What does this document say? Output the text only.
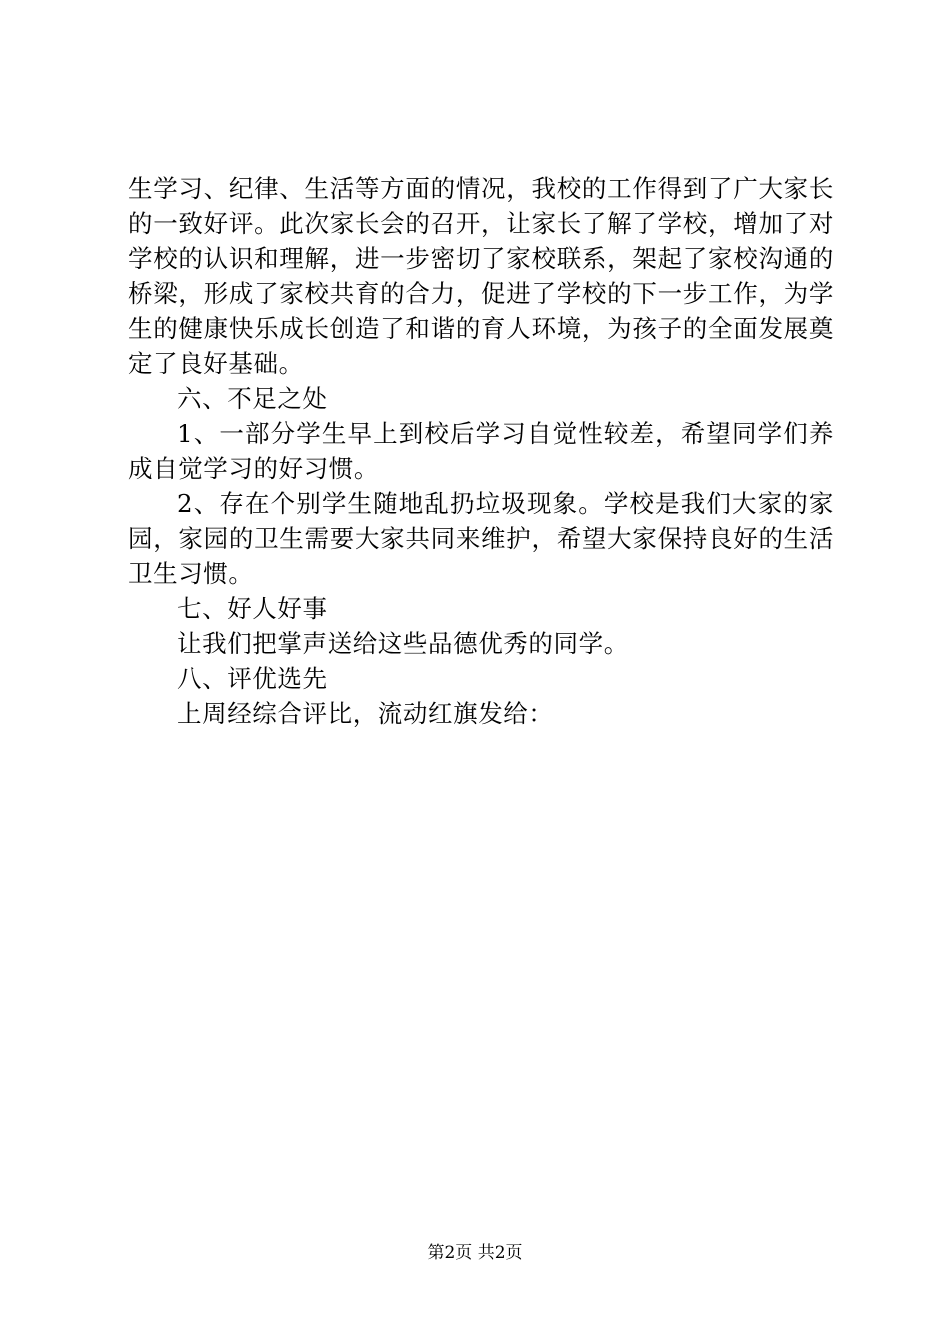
生学习、纪律、生活等方面的情况，我校的工作得到了广大家长的一致好评。此次家长会的召开，让家长了解了学校，增加了对学校的认识和理解，进一步密切了家校联系，架起了家校沟通的桥梁，形成了家校共育的合力，促进了学校的下一步工作，为学生的健康快乐成长创造了和谐的育人环境，为孩子的全面发展奠定了良好基础。

六、不足之处

1、一部分学生早上到校后学习自觉性较差，希望同学们养成自觉学习的好习惯。

2、存在个别学生随地乱扔垃圾现象。学校是我们大家的家园，家园的卫生需要大家共同来维护，希望大家保持良好的生活卫生习惯。

七、好人好事

让我们把掌声送给这些品德优秀的同学。

八、评优选先

上周经综合评比，流动红旗发给：

第2页 共2页
